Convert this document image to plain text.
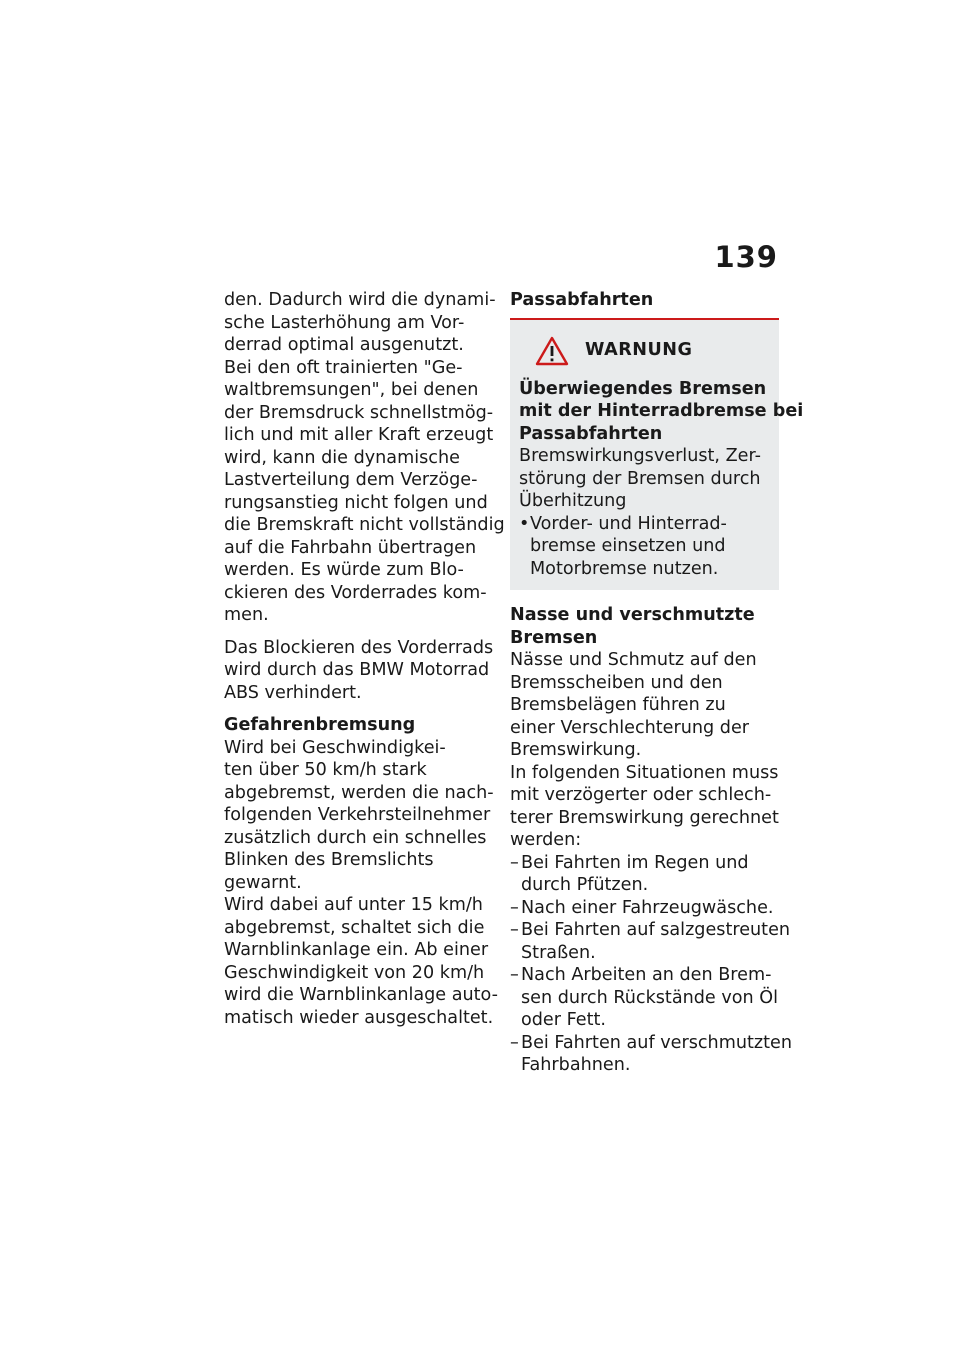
139
den. Dadurch wird die dynami-
sche Lasterhöhung am Vor-
derrad optimal ausgenutzt.
Bei den oft trainierten "Ge-
waltbremsungen", bei denen
der Bremsdruck schnellstmög-
lich und mit aller Kraft erzeugt
wird, kann die dynamische
Lastverteilung dem Verzöge-
rungsanstieg nicht folgen und
die Bremskraft nicht vollständig
auf die Fahrbahn übertragen
werden. Es würde zum Blo-
ckieren des Vorderrades kom-
men.
Das Blockieren des Vorderrads
wird durch das BMW Motorrad
ABS verhindert.
Gefahrenbremsung
Wird bei Geschwindigkei-
ten über 50 km/h stark
abgebremst, werden die nach-
folgenden Verkehrsteilnehmer
zusätzlich durch ein schnelles
Blinken des Bremslichts
gewarnt.
Wird dabei auf unter 15 km/h
abgebremst, schaltet sich die
Warnblinkanlage ein. Ab einer
Geschwindigkeit von 20 km/h
wird die Warnblinkanlage auto-
matisch wieder ausgeschaltet.
Passabfahrten
WARNUNG
Überwiegendes Bremsen
mit der Hinterradbremse bei
Passabfahrten
Bremswirkungsverlust, Zer-
störung der Bremsen durch
Überhitzung
• Vorder- und Hinterrad-
bremse einsetzen und
Motorbremse nutzen.
Nasse und verschmutzte
Bremsen
Nässe und Schmutz auf den
Bremsscheiben und den
Bremsbelägen führen zu
einer Verschlechterung der
Bremswirkung.
In folgenden Situationen muss
mit verzögerter oder schlech-
terer Bremswirkung gerechnet
werden:
– Bei Fahrten im Regen und
durch Pfützen.
– Nach einer Fahrzeugwäsche.
– Bei Fahrten auf salzgestreuten
Straßen.
– Nach Arbeiten an den Brem-
sen durch Rückstände von Öl
oder Fett.
– Bei Fahrten auf verschmutzten
Fahrbahnen.
